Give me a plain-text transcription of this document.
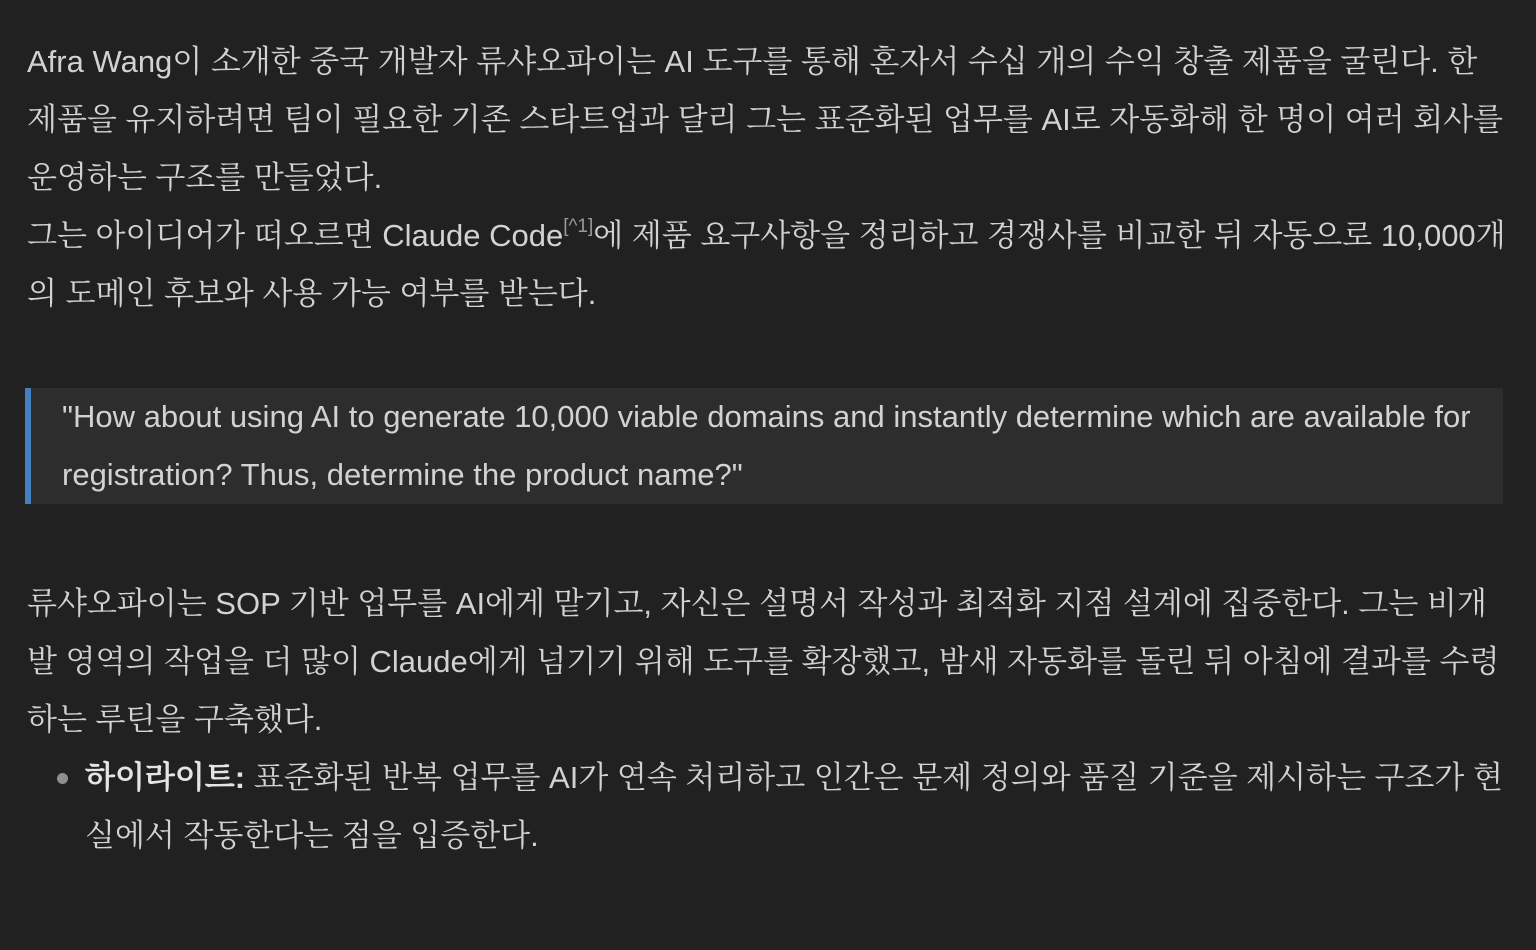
Afra Wang이 소개한 중국 개발자 류샤오파이는 AI 도구를 통해 혼자서 수십 개의 수익 창출 제품을 굴린다. 한 제품을 유지하려면 팀이 필요한 기존 스타트업과 달리 그는 표준화된 업무를 AI로 자동화해 한 명이 여러 회사를 운영하는 구조를 만들었다.

그는 아이디어가 떠오르면 Claude Code[^1]에 제품 요구사항을 정리하고 경쟁사를 비교한 뒤 자동으로 10,000개의 도메인 후보와 사용 가능 여부를 받는다.

"How about using AI to generate 10,000 viable domains and instantly determine which are available for registration? Thus, determine the product name?"

류샤오파이는 SOP 기반 업무를 AI에게 맡기고, 자신은 설명서 작성과 최적화 지점 설계에 집중한다. 그는 비개발 영역의 작업을 더 많이 Claude에게 넘기기 위해 도구를 확장했고, 밤새 자동화를 돌린 뒤 아침에 결과를 수령하는 루틴을 구축했다.

하이라이트: 표준화된 반복 업무를 AI가 연속 처리하고 인간은 문제 정의와 품질 기준을 제시하는 구조가 현실에서 작동한다는 점을 입증한다.
